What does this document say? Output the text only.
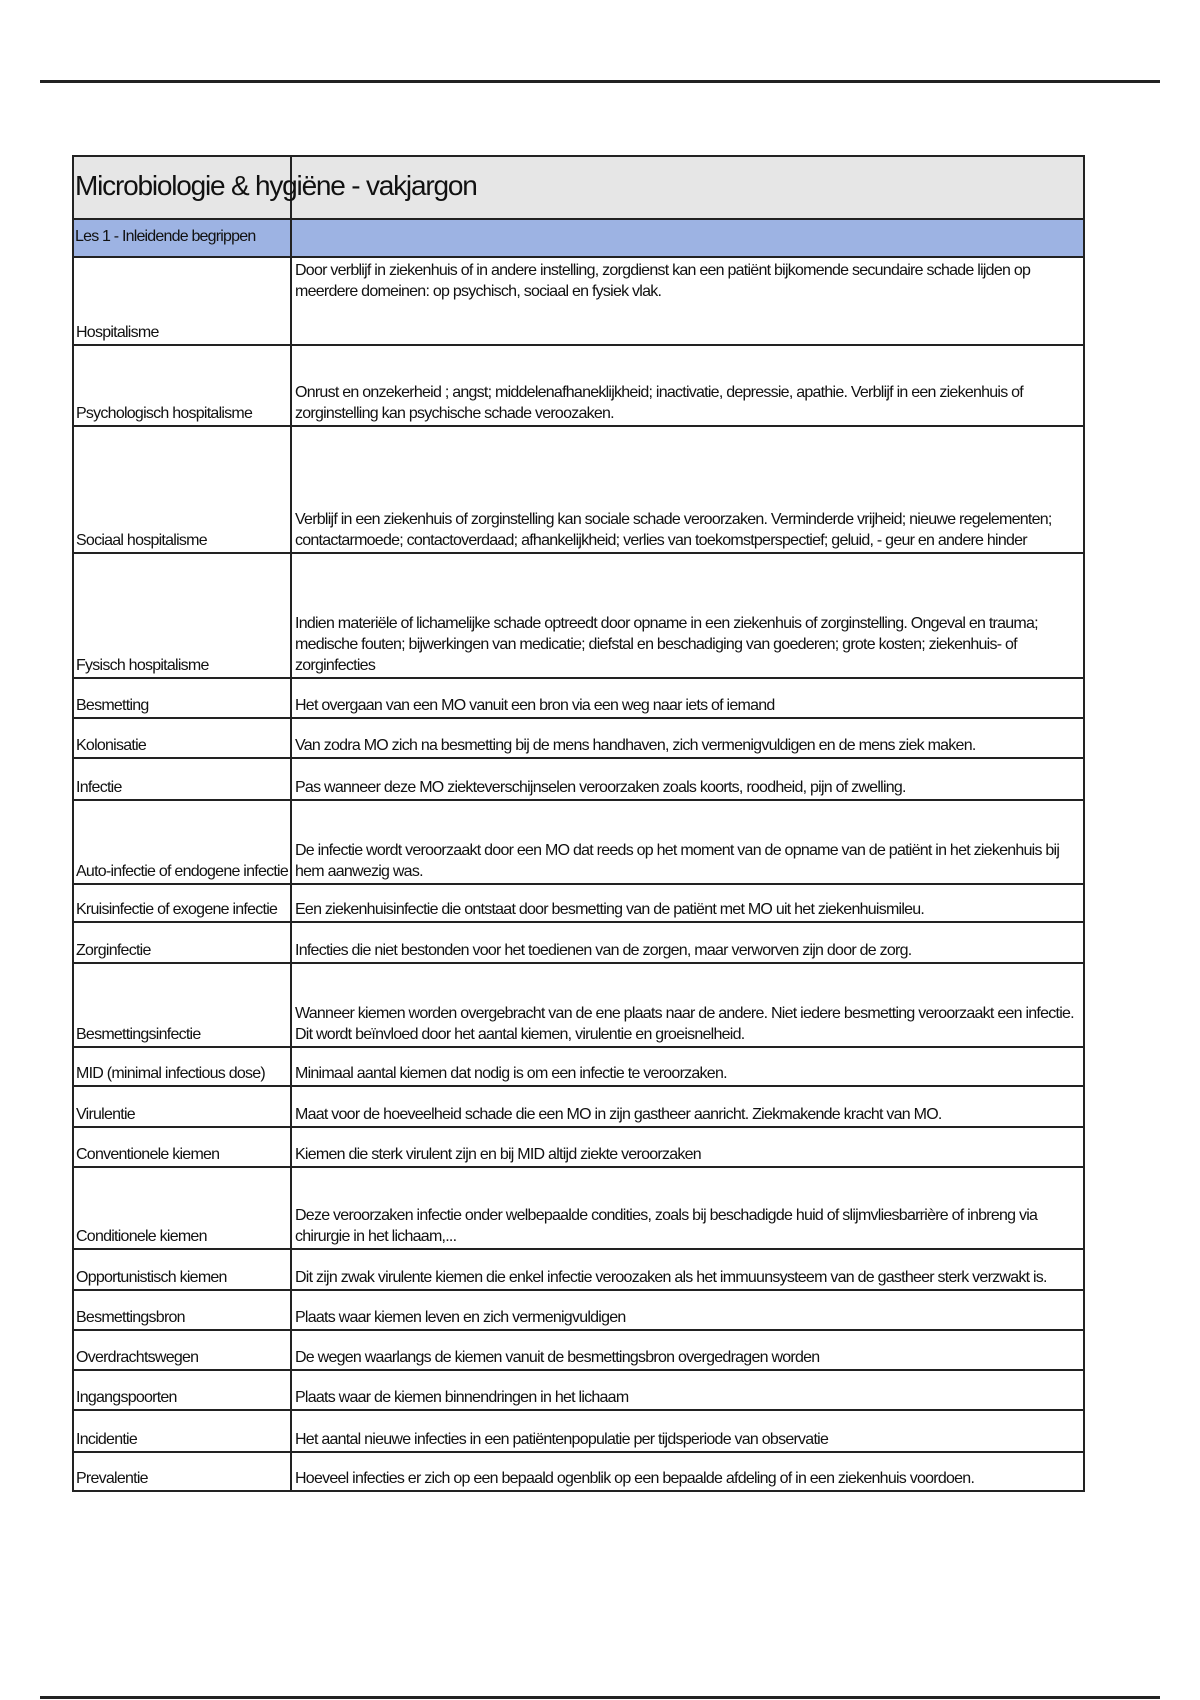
Microbiologie & hygiëne - vakjargon
Les 1 - Inleidende begrippen
Hospitalisme	Door verblijf in ziekenhuis of in andere instelling, zorgdienst kan een patiënt bijkomende secundaire schade lijden op meerdere domeinen: op psychisch, sociaal en fysiek vlak.
Psychologisch hospitalisme	Onrust en onzekerheid ; angst; middelenafhaneklijkheid; inactivatie, depressie, apathie. Verblijf in een ziekenhuis of zorginstelling kan psychische schade veroozaken.
Sociaal hospitalisme	Verblijf in een ziekenhuis of zorginstelling kan sociale schade veroorzaken. Verminderde vrijheid; nieuwe regelementen; contactarmoede; contactoverdaad; afhankelijkheid; verlies van toekomstperspectief; geluid, - geur en andere hinder
Fysisch hospitalisme	Indien materiële of lichamelijke schade optreedt door opname in een ziekenhuis of zorginstelling. Ongeval en trauma; medische fouten; bijwerkingen van medicatie; diefstal en beschadiging van goederen; grote kosten; ziekenhuis- of zorginfecties
Besmetting	Het overgaan van een MO vanuit een bron via een weg naar iets of iemand
Kolonisatie	Van zodra MO zich na besmetting bij de mens handhaven, zich vermenigvuldigen en de mens ziek maken.
Infectie	Pas wanneer deze MO ziekteverschijnselen veroorzaken zoals koorts, roodheid, pijn of zwelling.
Auto-infectie of endogene infectie	De infectie wordt veroorzaakt door een MO dat reeds op het moment van de opname van de patiënt in het ziekenhuis bij hem aanwezig was.
Kruisinfectie of exogene infectie	Een ziekenhuisinfectie die ontstaat door besmetting van de patiënt met MO uit het ziekenhuismileu.
Zorginfectie	Infecties die niet bestonden voor het toedienen van de zorgen, maar verworven zijn door de zorg.
Besmettingsinfectie	Wanneer kiemen worden overgebracht van de ene plaats naar de andere. Niet iedere besmetting veroorzaakt een infectie. Dit wordt beïnvloed door het aantal kiemen, virulentie en groeisnelheid.
MID (minimal infectious dose)	Minimaal aantal kiemen dat nodig is om een infectie te veroorzaken.
Virulentie	Maat voor de hoeveelheid schade die een MO in zijn gastheer aanricht. Ziekmakende kracht van MO.
Conventionele kiemen	Kiemen die sterk virulent zijn en bij MID altijd ziekte veroorzaken
Conditionele kiemen	Deze veroorzaken infectie onder welbepaalde condities, zoals bij beschadigde huid of slijmvliesbarrière of inbreng via chirurgie in het lichaam,...
Opportunistisch kiemen	Dit zijn zwak virulente kiemen die enkel infectie veroozaken als het immuunsysteem van de gastheer sterk verzwakt is.
Besmettingsbron	Plaats waar kiemen leven en zich vermenigvuldigen
Overdrachtswegen	De wegen waarlangs de kiemen vanuit de besmettingsbron overgedragen worden
Ingangspoorten	Plaats waar de kiemen binnendringen in het lichaam
Incidentie	Het aantal nieuwe infecties in een patiëntenpopulatie per tijdsperiode van observatie
Prevalentie	Hoeveel infecties er zich op een bepaald ogenblik op een bepaalde afdeling of in een ziekenhuis voordoen.
